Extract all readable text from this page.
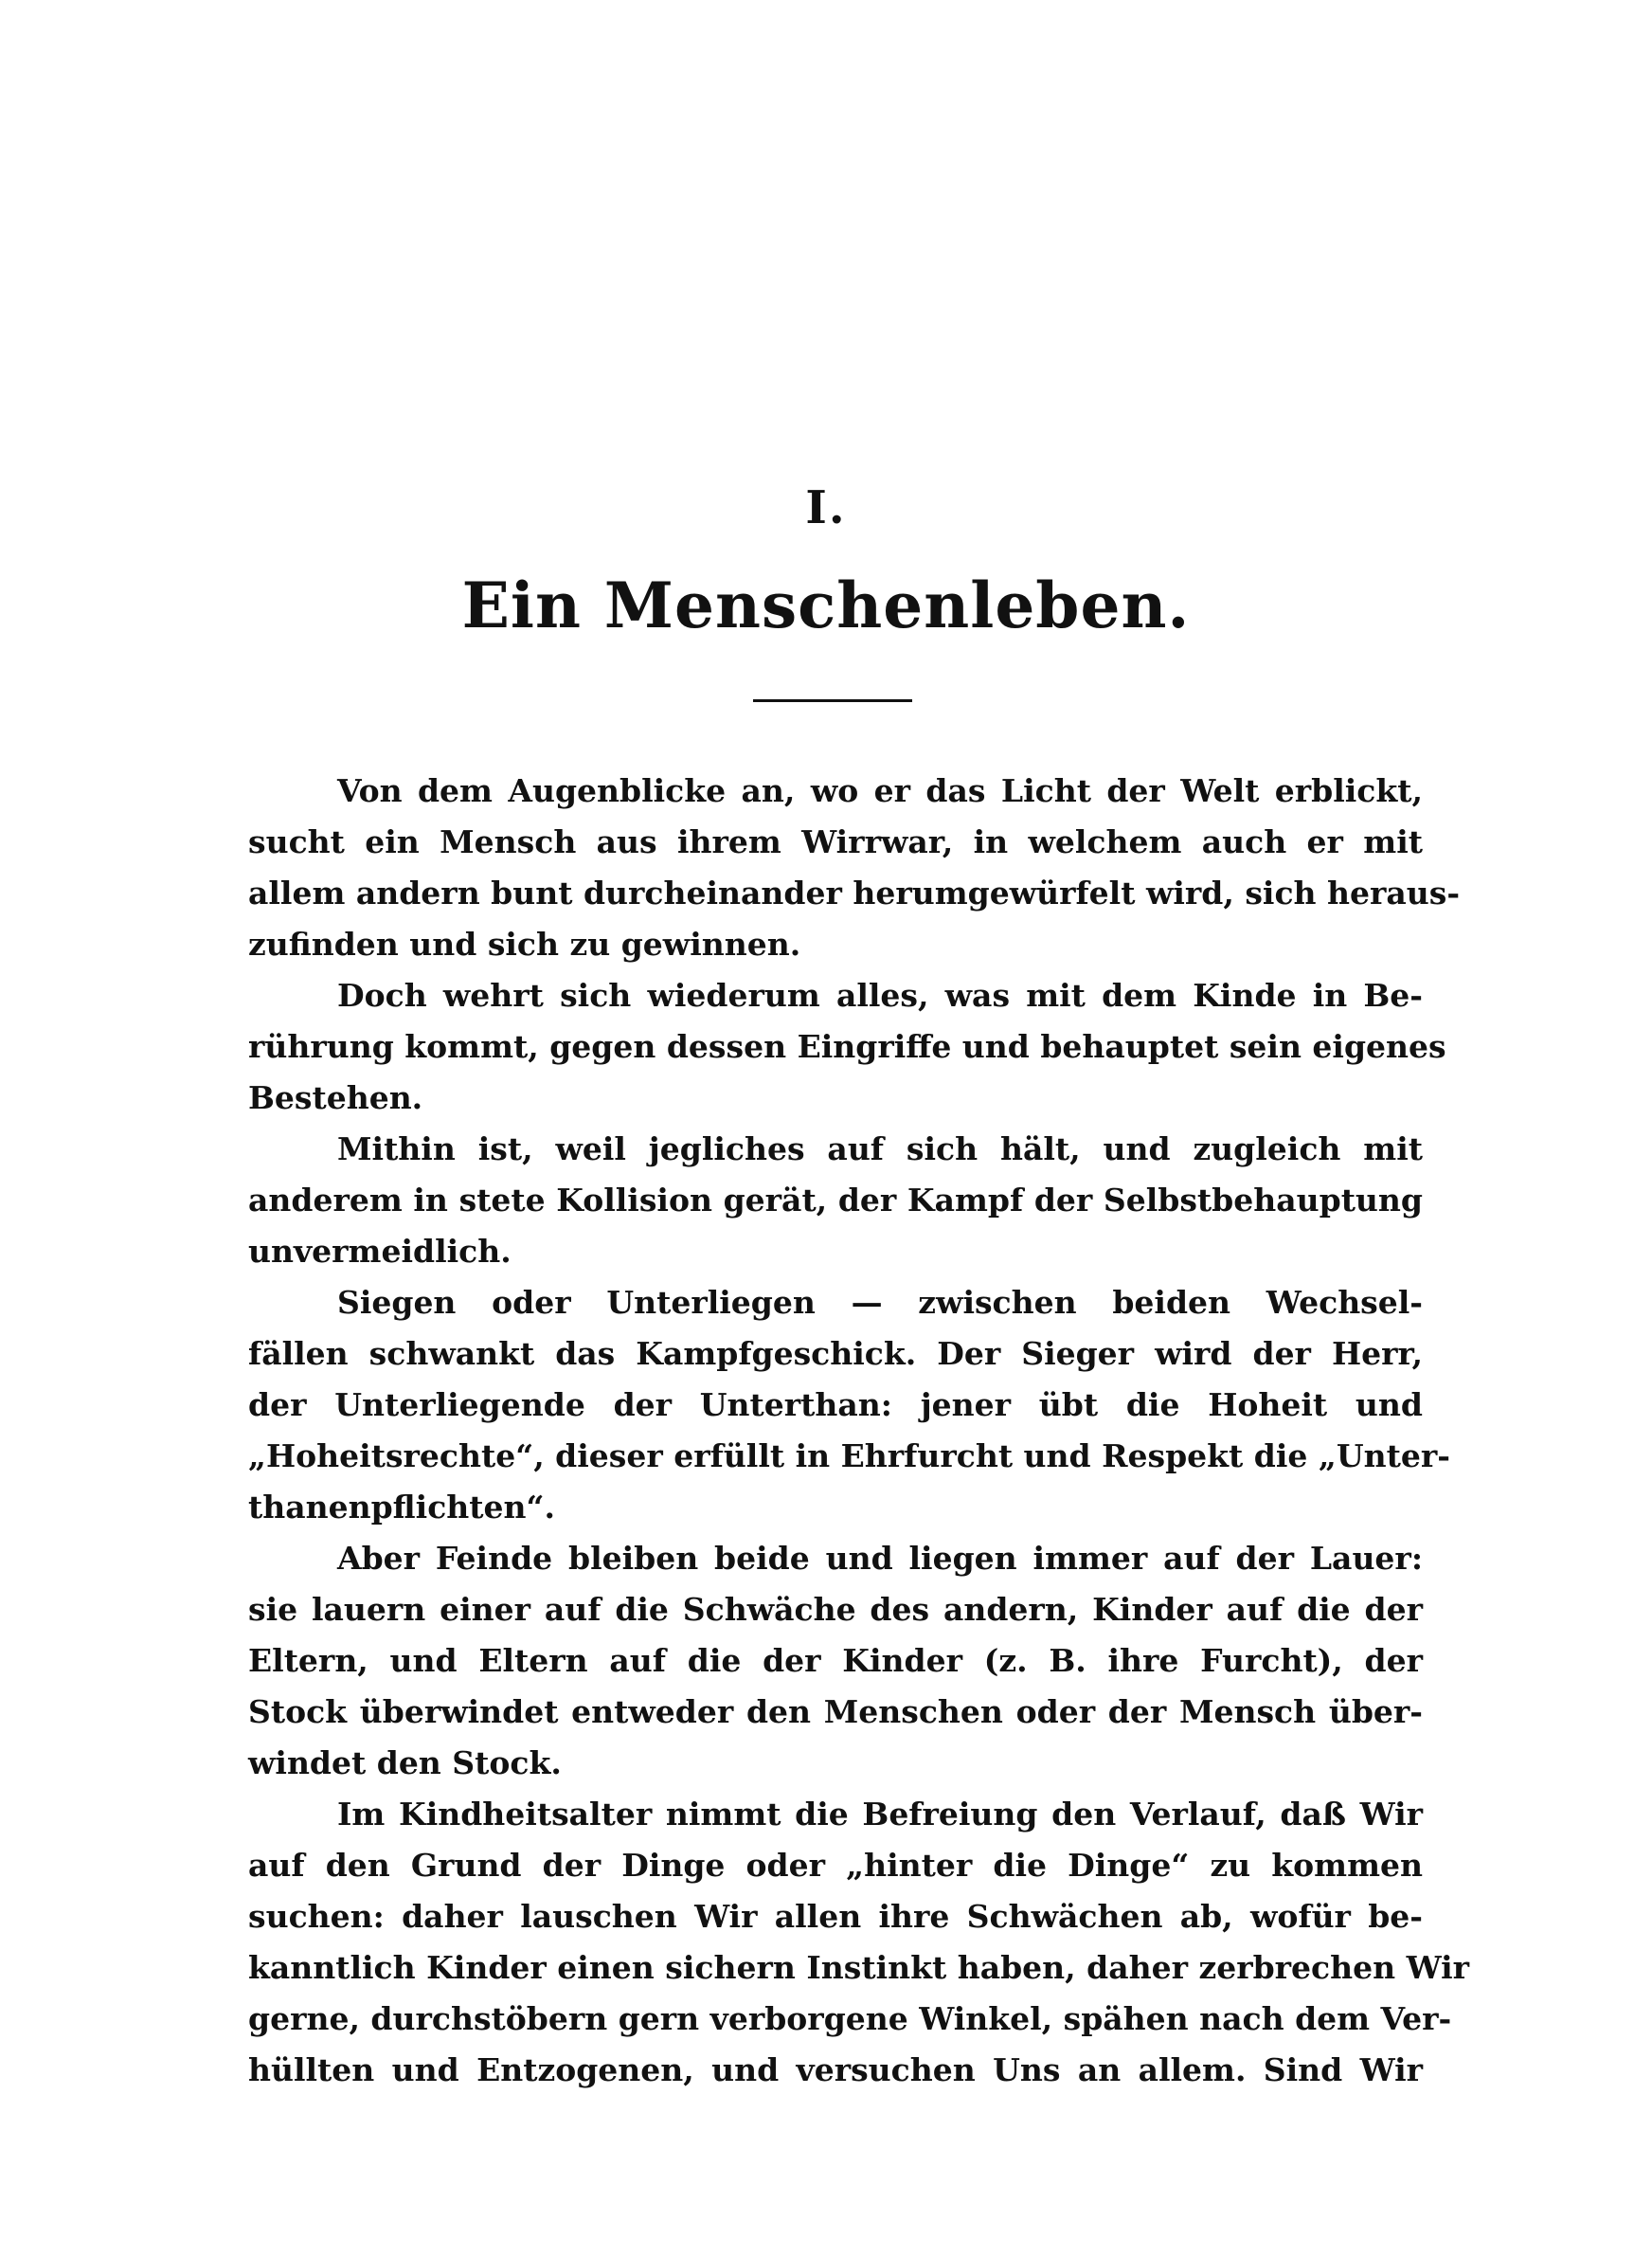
I.
Ein Menschenleben.
Von dem Augenblicke an, wo er das Licht der Welt erblickt,
sucht ein Mensch aus ihrem Wirrwar, in welchem auch er mit
allem andern bunt durcheinander herumgewürfelt wird, sich heraus-
zufinden und sich zu gewinnen.
Doch wehrt sich wiederum alles, was mit dem Kinde in Be-
rührung kommt, gegen dessen Eingriffe und behauptet sein eigenes
Bestehen.
Mithin ist, weil jegliches auf sich hält, und zugleich mit
anderem in stete Kollision gerät, der Kampf der Selbstbehauptung
unvermeidlich.
Siegen oder Unterliegen — zwischen beiden Wechsel-
fällen schwankt das Kampfgeschick. Der Sieger wird der Herr,
der Unterliegende der Unterthan: jener übt die Hoheit und
„Hoheitsrechte“, dieser erfüllt in Ehrfurcht und Respekt die „Unter-
thanenpflichten“.
Aber Feinde bleiben beide und liegen immer auf der Lauer:
sie lauern einer auf die Schwäche des andern, Kinder auf die der
Eltern, und Eltern auf die der Kinder (z. B. ihre Furcht), der
Stock überwindet entweder den Menschen oder der Mensch über-
windet den Stock.
Im Kindheitsalter nimmt die Befreiung den Verlauf, daß Wir
auf den Grund der Dinge oder „hinter die Dinge“ zu kommen
suchen: daher lauschen Wir allen ihre Schwächen ab, wofür be-
kanntlich Kinder einen sichern Instinkt haben, daher zerbrechen Wir
gerne, durchstöbern gern verborgene Winkel, spähen nach dem Ver-
hüllten und Entzogenen, und versuchen Uns an allem. Sind Wir
